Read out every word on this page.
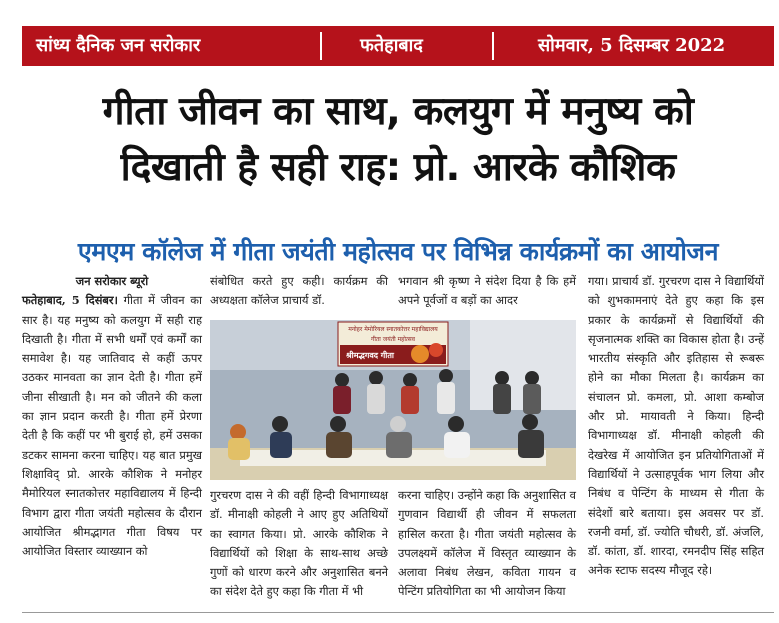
सांध्य दैनिक जन सरोकार	फतेहाबाद	सोमवार, 5 दिसम्बर 2022
गीता जीवन का साथ, कलयुग में मनुष्य को
दिखाती है सही राह: प्रो. आरके कौशिक
एमएम कॉलेज में गीता जयंती महोत्सव पर विभिन्न कार्यक्रमों का आयोजन

जन सरोकार ब्यूरो

फतेहाबाद, 5 दिसंबर। गीता में जीवन का सार है। यह मनुष्य को कलयुग में सही राह दिखाती है। गीता में सभी धर्मों एवं कर्मों का समावेश है। यह जातिवाद से कहीं ऊपर उठकर मानवता का ज्ञान देती है। गीता हमें जीना सीखाती है। मन को जीतने की कला का ज्ञान प्रदान करती है। गीता हमें प्रेरणा देती है कि कहीं पर भी बुराई हो, हमें उसका डटकर सामना करना चाहिए। यह बात प्रमुख शिक्षाविद् प्रो. आरके कौशिक ने मनोहर मैमोरियल स्नातकोत्तर महाविद्यालय में हिन्दी विभाग द्वारा गीता जयंती महोत्सव के दौरान आयोजित श्रीमद्भागत गीता विषय पर आयोजित विस्तार व्याख्यान को

संबोधित करते हुए कही। कार्यक्रम की अध्यक्षता कॉलेज प्राचार्य डॉ.

भगवान श्री कृष्ण ने संदेश दिया है कि हमें अपने पूर्वजों व बड़ों का आदर

मनोहर मेमोरियल स्नातकोत्तर महाविद्यालय
गीता जयंती महोत्सव
श्रीमद्भगवद गीता

गुरचरण दास ने की वहीं हिन्दी विभागाध्यक्ष डॉ. मीनाक्षी कोहली ने आए हुए अतिथियों का स्वागत किया। प्रो. आरके कौशिक ने विद्यार्थियों को शिक्षा के साथ-साथ अच्छे गुणों को धारण करने और अनुशासित बनने का संदेश देते हुए कहा कि गीता में भी

करना चाहिए। उन्होंने कहा कि अनुशासित व गुणवान विद्यार्थी ही जीवन में सफलता हासिल करता है। गीता जयंती महोत्सव के उपलक्ष्यमें कॉलेज में विस्तृत व्याख्यान के अलावा निबंध लेखन, कविता गायन व पेन्टिंग प्रतियोगिता का भी आयोजन किया

गया। प्राचार्य डॉ. गुरचरण दास ने विद्यार्थियों को शुभकामनाएं देते हुए कहा कि इस प्रकार के कार्यक्रमों से विद्यार्थियों की सृजनात्मक शक्ति का विकास होता है। उन्हें भारतीय संस्कृति और इतिहास से रूबरू होने का मौका मिलता है। कार्यक्रम का संचालन प्रो. कमला, प्रो. आशा कम्बोज और प्रो. मायावती ने किया। हिन्दी विभागाध्यक्ष डॉ. मीनाक्षी कोहली की देखरेख में आयोजित इन प्रतियोगिताओं में विद्यार्थियों ने उत्साहपूर्वक भाग लिया और निबंध व पेन्टिंग के माध्यम से गीता के संदेशों बारे बताया। इस अवसर पर डॉ. रजनी वर्मा, डॉ. ज्योति चौधरी, डॉ. अंजलि, डॉ. कांता, डॉ. शारदा, रमनदीप सिंह सहित अनेक स्टाफ सदस्य मौजूद रहे।
